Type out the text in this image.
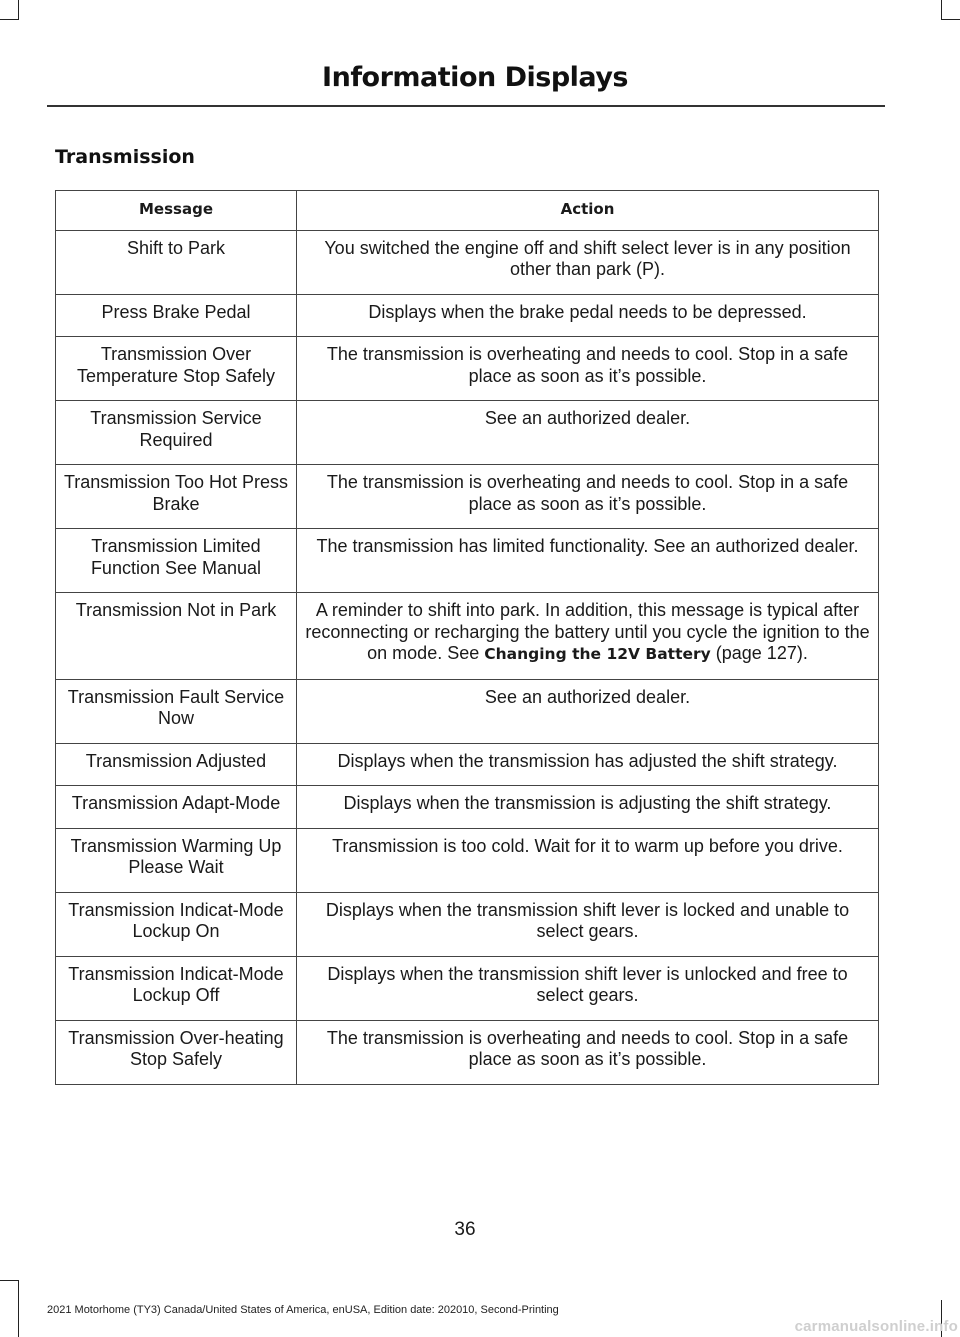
Information Displays
Transmission
Message	Action
Shift to Park	You switched the engine off and shift select lever is in any position other than park (P).
Press Brake Pedal	Displays when the brake pedal needs to be depressed.
Transmission Over Temperature Stop Safely	The transmission is overheating and needs to cool. Stop in a safe place as soon as it’s possible.
Transmission Service Required	See an authorized dealer.
Transmission Too Hot Press Brake	The transmission is overheating and needs to cool. Stop in a safe place as soon as it’s possible.
Transmission Limited Function See Manual	The transmission has limited functionality. See an authorized dealer.
Transmission Not in Park	A reminder to shift into park. In addition, this message is typical after reconnecting or recharging the battery until you cycle the ignition to the on mode. See Changing the 12V Battery (page 127).
Transmission Fault Service Now	See an authorized dealer.
Transmission Adjusted	Displays when the transmission has adjusted the shift strategy.
Transmission Adapt-Mode	Displays when the transmission is adjusting the shift strategy.
Transmission Warming Up Please Wait	Transmission is too cold. Wait for it to warm up before you drive.
Transmission Indicat-Mode Lockup On	Displays when the transmission shift lever is locked and unable to select gears.
Transmission Indicat-Mode Lockup Off	Displays when the transmission shift lever is unlocked and free to select gears.
Transmission Over-heating Stop Safely	The transmission is overheating and needs to cool. Stop in a safe place as soon as it’s possible.
36
2021 Motorhome (TY3) Canada/United States of America, enUSA, Edition date: 202010, Second-Printing
carmanualsonline.info
